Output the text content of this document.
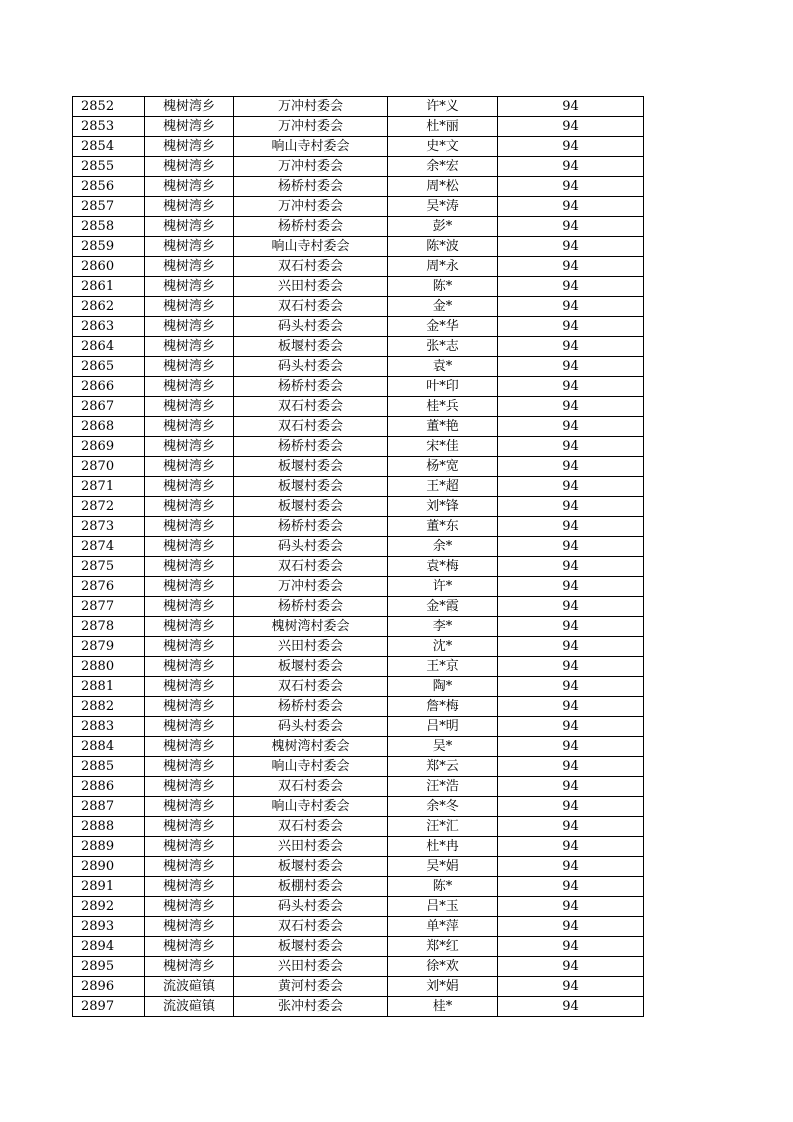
2852	槐树湾乡	万冲村委会	许*义	94
2853	槐树湾乡	万冲村委会	杜*丽	94
2854	槐树湾乡	响山寺村委会	史*文	94
2855	槐树湾乡	万冲村委会	余*宏	94
2856	槐树湾乡	杨桥村委会	周*松	94
2857	槐树湾乡	万冲村委会	吴*涛	94
2858	槐树湾乡	杨桥村委会	彭*	94
2859	槐树湾乡	响山寺村委会	陈*波	94
2860	槐树湾乡	双石村委会	周*永	94
2861	槐树湾乡	兴田村委会	陈*	94
2862	槐树湾乡	双石村委会	金*	94
2863	槐树湾乡	码头村委会	金*华	94
2864	槐树湾乡	板堰村委会	张*志	94
2865	槐树湾乡	码头村委会	袁*	94
2866	槐树湾乡	杨桥村委会	叶*印	94
2867	槐树湾乡	双石村委会	桂*兵	94
2868	槐树湾乡	双石村委会	董*艳	94
2869	槐树湾乡	杨桥村委会	宋*佳	94
2870	槐树湾乡	板堰村委会	杨*宽	94
2871	槐树湾乡	板堰村委会	王*超	94
2872	槐树湾乡	板堰村委会	刘*锋	94
2873	槐树湾乡	杨桥村委会	董*东	94
2874	槐树湾乡	码头村委会	余*	94
2875	槐树湾乡	双石村委会	袁*梅	94
2876	槐树湾乡	万冲村委会	许*	94
2877	槐树湾乡	杨桥村委会	金*霞	94
2878	槐树湾乡	槐树湾村委会	李*	94
2879	槐树湾乡	兴田村委会	沈*	94
2880	槐树湾乡	板堰村委会	王*京	94
2881	槐树湾乡	双石村委会	陶*	94
2882	槐树湾乡	杨桥村委会	詹*梅	94
2883	槐树湾乡	码头村委会	吕*明	94
2884	槐树湾乡	槐树湾村委会	吴*	94
2885	槐树湾乡	响山寺村委会	郑*云	94
2886	槐树湾乡	双石村委会	汪*浩	94
2887	槐树湾乡	响山寺村委会	余*冬	94
2888	槐树湾乡	双石村委会	汪*汇	94
2889	槐树湾乡	兴田村委会	杜*冉	94
2890	槐树湾乡	板堰村委会	吴*娟	94
2891	槐树湾乡	板棚村委会	陈*	94
2892	槐树湾乡	码头村委会	吕*玉	94
2893	槐树湾乡	双石村委会	单*萍	94
2894	槐树湾乡	板堰村委会	郑*红	94
2895	槐树湾乡	兴田村委会	徐*欢	94
2896	流波碹镇	黄河村委会	刘*娟	94
2897	流波碹镇	张冲村委会	桂*	94
